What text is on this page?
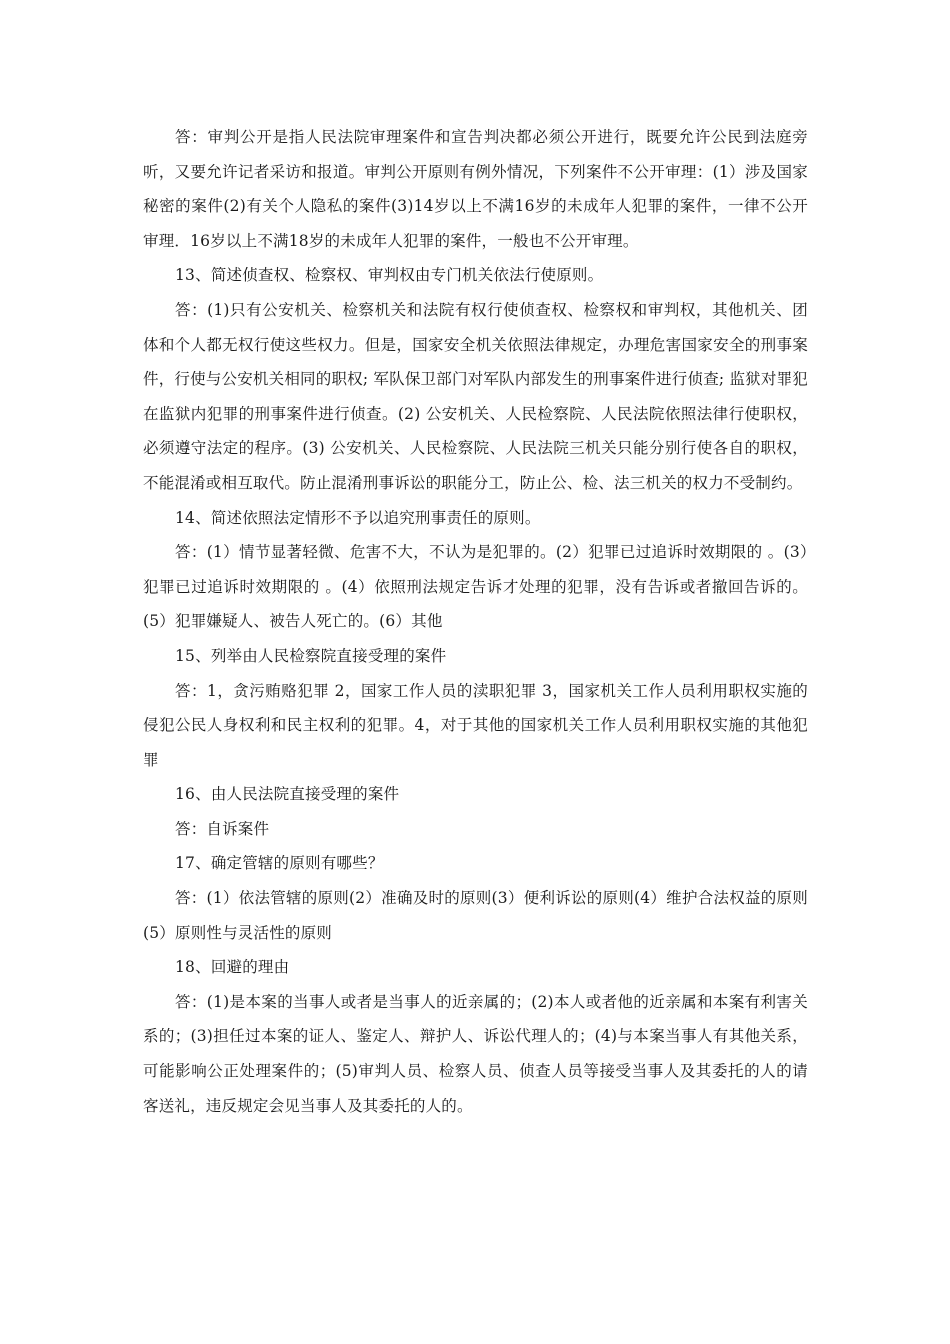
答：审判公开是指人民法院审理案件和宣告判决都必须公开进行，既要允许公民到法庭旁听，又要允许记者采访和报道。审判公开原则有例外情况，下列案件不公开审理：(1）涉及国家秘密的案件(2)有关个人隐私的案件(3)14岁以上不满16岁的未成年人犯罪的案件，一律不公开审理．16岁以上不满18岁的未成年人犯罪的案件，一般也不公开审理。

13、简述侦查权、检察权、审判权由专门机关依法行使原则。

答：(1)只有公安机关、检察机关和法院有权行使侦查权、检察权和审判权，其他机关、团体和个人都无权行使这些权力。但是，国家安全机关依照法律规定，办理危害国家安全的刑事案件，行使与公安机关相同的职权; 军队保卫部门对军队内部发生的刑事案件进行侦查; 监狱对罪犯在监狱内犯罪的刑事案件进行侦查。(2) 公安机关、人民检察院、人民法院依照法律行使职权，必须遵守法定的程序。(3) 公安机关、人民检察院、人民法院三机关只能分别行使各自的职权，不能混淆或相互取代。防止混淆刑事诉讼的职能分工，防止公、检、法三机关的权力不受制约。

14、简述依照法定情形不予以追究刑事责任的原则。

答：(1）情节显著轻微、危害不大，不认为是犯罪的。(2）犯罪已过追诉时效期限的 。(3）犯罪已过追诉时效期限的 。(4）依照刑法规定告诉才处理的犯罪，没有告诉或者撤回告诉的。(5）犯罪嫌疑人、被告人死亡的。(6）其他

15、列举由人民检察院直接受理的案件

答：1，贪污贿赂犯罪 2，国家工作人员的渎职犯罪 3，国家机关工作人员利用职权实施的侵犯公民人身权利和民主权利的犯罪。4，对于其他的国家机关工作人员利用职权实施的其他犯罪

16、由人民法院直接受理的案件

答：自诉案件

17、确定管辖的原则有哪些？

答：(1）依法管辖的原则(2）准确及时的原则(3）便利诉讼的原则(4）维护合法权益的原则(5）原则性与灵活性的原则

18、回避的理由

答：(1)是本案的当事人或者是当事人的近亲属的；(2)本人或者他的近亲属和本案有利害关系的；(3)担任过本案的证人、鉴定人、辩护人、诉讼代理人的；(4)与本案当事人有其他关系，可能影响公正处理案件的；(5)审判人员、检察人员、侦查人员等接受当事人及其委托的人的请客送礼，违反规定会见当事人及其委托的人的。
